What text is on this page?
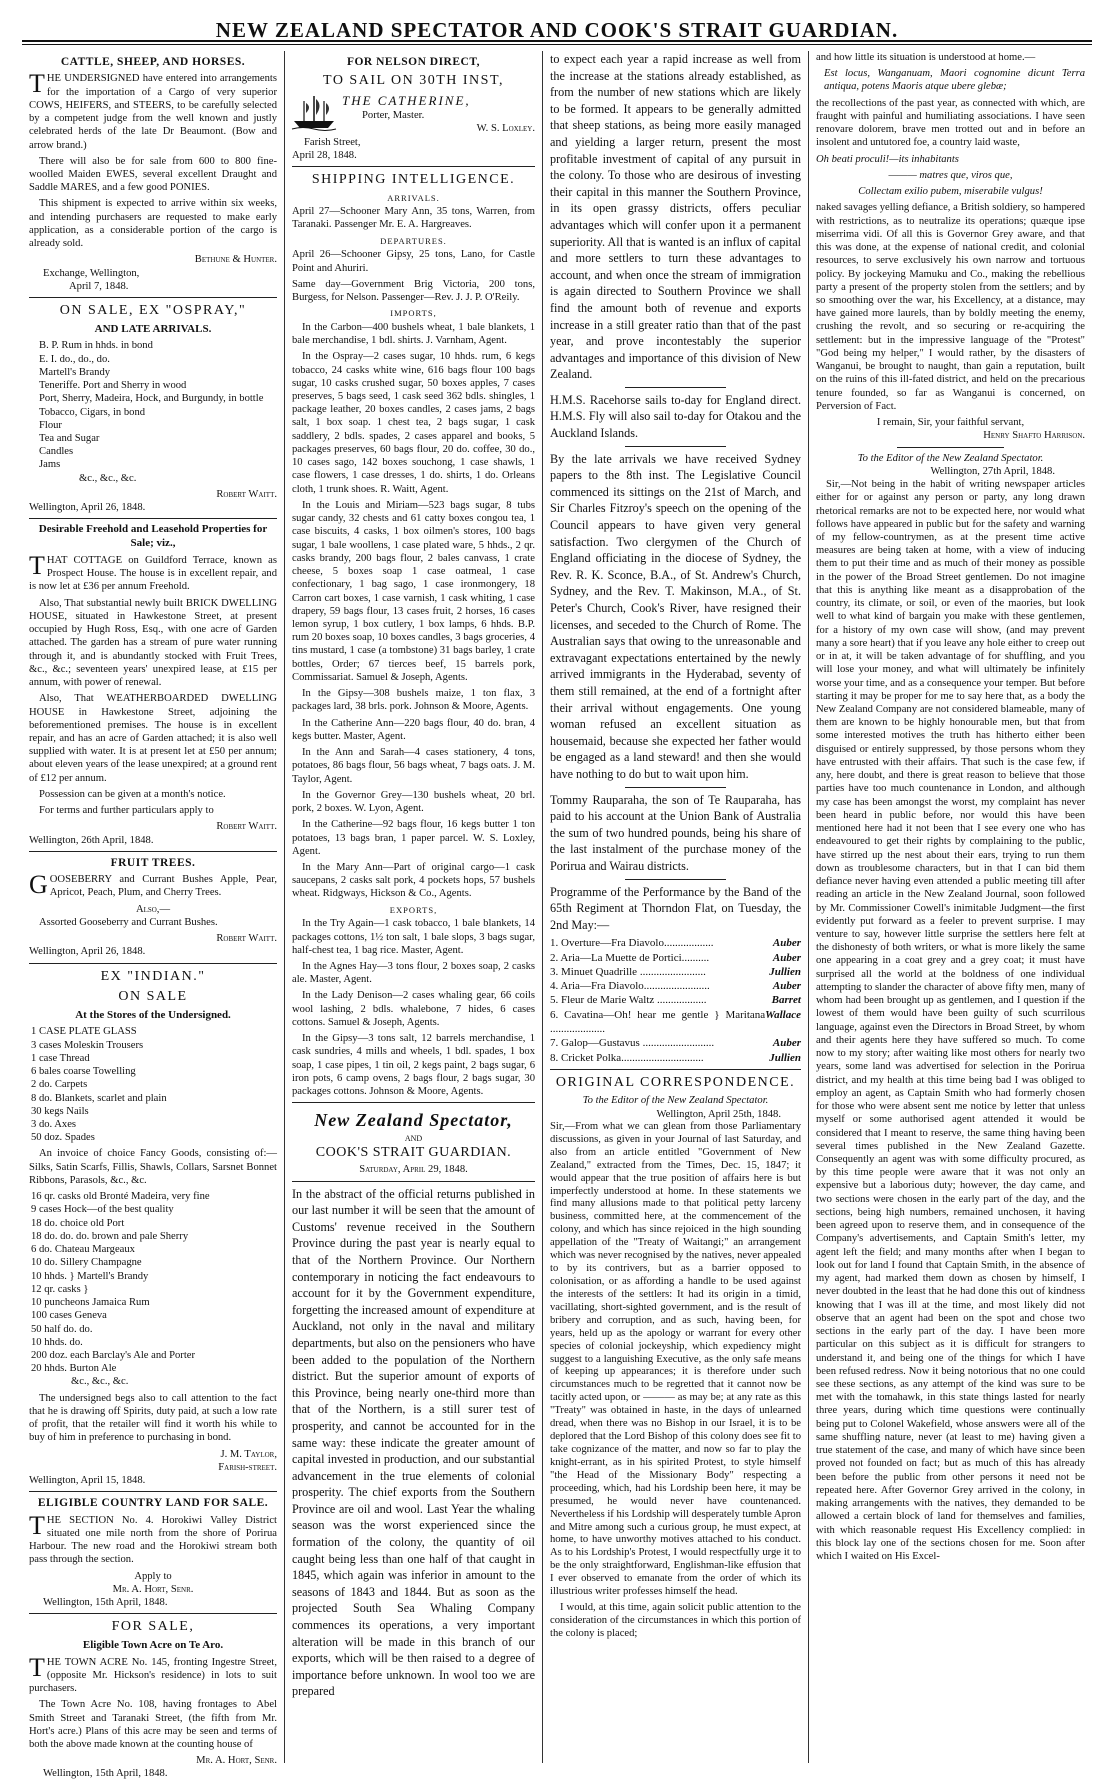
NEW ZEALAND SPECTATOR AND COOK'S STRAIT GUARDIAN.
CATTLE, SHEEP, AND HORSES.

THE UNDERSIGNED have entered into arrangements for the importation of a Cargo of very superior COWS, HEIFERS, and STEERS, to be carefully selected by a competent judge from the well known and justly celebrated herds of the late Dr Beaumont. (Bow and arrow brand.)

There will also be for sale from 600 to 800 fine-woolled Maiden EWES, several excellent Draught and Saddle MARES, and a few good PONIES.

This shipment is expected to arrive within six weeks, and intending purchasers are requested to make early application, as a considerable portion of the cargo is already sold.

Bethune & Hunter.
Exchange, Wellington,
April 7, 1848.
ON SALE, EX "OSPRAY,"
AND LATE ARRIVALS.
B. P. Rum in hhds. in bond
E. I. do., do., do.
Martell's Brandy
Teneriffe. Port and Sherry in wood
Port, Sherry, Madeira, Hock, and Burgundy, in bottle
Tobacco, Cigars, in bond
Flour
Tea and Sugar
Candles
Jams
&c., &c., &c.
Robert Waitt.
Wellington, April 26, 1848.
Desirable Freehold and Leasehold Properties for Sale; viz.,

THAT COTTAGE on Guildford Terrace, known as Prospect House. The house is in excellent repair, and is now let at £36 per annum Freehold.

Also, That substantial newly built BRICK DWELLING HOUSE, situated in Hawkestone Street, at present occupied by Hugh Ross, Esq., with one acre of Garden attached. The garden has a stream of pure water running through it, and is abundantly stocked with Fruit Trees, &c., &c.; seventeen years' unexpired lease, at £15 per annum, with power of renewal.

Also, That WEATHERBOARDED DWELLING HOUSE in Hawkestone Street, adjoining the beforementioned premises. The house is in excellent repair, and has an acre of Garden attached; it is also well supplied with water. It is at present let at £50 per annum; about eleven years of the lease unexpired; at a ground rent of £12 per annum.

Possession can be given at a month's notice.

For terms and further particulars apply to

Robert Waitt.
Wellington, 26th April, 1848.
FRUIT TREES.

GOOSEBERRY and Currant Bushes Apple, Pear, Apricot, Peach, Plum, and Cherry Trees.

Also,—

Assorted Gooseberry and Currant Bushes.

Robert Waitt.
Wellington, April 26, 1848.
EX "INDIAN."
ON SALE
At the Stores of the Undersigned.
1 CASE PLATE GLASS
3 cases Moleskin Trousers
1 case Thread
6 bales coarse Towelling
2 do. Carpets
8 do. Blankets, scarlet and plain
30 kegs Nails
3 do. Axes
50 doz. Spades

An invoice of choice Fancy Goods, consisting of:—Silks, Satin Scarfs, Fillis, Shawls, Collars, Sarsnet Bonnet Ribbons, Parasols, &c., &c.

16 qr. casks old Bronté Madeira, very fine
9 cases Hock—of the best quality
18 do. choice old Port
18 do. do. do. brown and pale Sherry
6 do. Chateau Margeaux
10 do. Sillery Champagne
10 hhds. } Martell's Brandy
12 qr. casks }
10 puncheons Jamaica Rum
100 cases Geneva
50 half do. do.
10 hhds. do.
200 doz. each Barclay's Ale and Porter
20 hhds. Burton Ale
&c., &c., &c.

The undersigned begs also to call attention to the fact that he is drawing off Spirits, duty paid, at such a low rate of profit, that the retailer will find it worth his while to buy of him in preference to purchasing in bond.

J. M. Taylor,
Farish-street.
Wellington, April 15, 1848.
ELIGIBLE COUNTRY LAND FOR SALE.

THE SECTION No. 4. Horokiwi Valley District situated one mile north from the shore of Porirua Harbour. The new road and the Horokiwi stream both pass through the section.

Apply to
Mr. A. Hort, Senr.
Wellington, 15th April, 1848.
FOR SALE,
Eligible Town Acre on Te Aro.

THE TOWN ACRE No. 145, fronting Ingestre Street, (opposite Mr. Hickson's residence) in lots to suit purchasers.

The Town Acre No. 108, having frontages to Abel Smith Street and Taranaki Street, (the fifth from Mr. Hort's acre.) Plans of this acre may be seen and terms of both the above made known at the counting house of

Mr. A. Hort, Senr.
Wellington, 15th April, 1848.
FOR NELSON DIRECT,
TO SAIL ON 30TH INST,
THE CATHERINE,
Porter, Master.
W. S. Loxley.
Farish Street,
April 28, 1848.
SHIPPING INTELLIGENCE.
ARRIVALS.

April 27—Schooner Mary Ann, 35 tons, Warren, from Taranaki. Passenger Mr. E. A. Hargreaves.

DEPARTURES.

April 26—Schooner Gipsy, 25 tons, Lano, for Castle Point and Ahuriri.

Same day—Government Brig Victoria, 200 tons, Burgess, for Nelson. Passenger—Rev. J. J. P. O'Reily.

IMPORTS,

In the Carbon—400 bushels wheat, 1 bale blankets, 1 bale merchandise, 1 bdl. shirts. J. Varnham, Agent.

In the Ospray—2 cases sugar, 10 hhds. rum, 6 kegs tobacco, 24 casks white wine, 616 bags flour 100 bags sugar, 10 casks crushed sugar, 50 boxes apples, 7 cases preserves, 5 bags seed, 1 cask seed 362 bdls. shingles, 1 package leather, 20 boxes candles, 2 cases jams, 2 bags salt, 1 box soap. 1 chest tea, 2 bags sugar, 1 cask saddlery, 2 bdls. spades, 2 cases apparel and books, 5 packages preserves, 60 bags flour, 20 do. coffee, 30 do., 10 cases sago, 142 boxes souchong, 1 case shawls, 1 case flowers, 1 case dresses, 1 do. shirts, 1 do. Orleans cloth, 1 trunk shoes. R. Waitt, Agent.

In the Louis and Miriam—523 bags sugar, 8 tubs sugar candy, 32 chests and 61 catty boxes congou tea, 1 case biscuits, 4 casks, 1 box oilmen's stores, 100 bags sugar, 1 bale woollens, 1 case plated ware, 5 hhds., 2 qr. casks brandy, 200 bags flour, 2 bales canvass, 1 crate cheese, 5 boxes soap 1 case oatmeal, 1 case confectionary, 1 bag sago, 1 case ironmongery, 18 Carron cart boxes, 1 case varnish, 1 cask whiting, 1 case drapery, 59 bags flour, 13 cases fruit, 2 horses, 16 cases lemon syrup, 1 box cutlery, 1 box lamps, 6 hhds. B.P. rum 20 boxes soap, 10 boxes candles, 3 bags groceries, 4 tins mustard, 1 case (a tombstone) 31 bags barley, 1 crate bottles, Order; 67 tierces beef, 15 barrels pork, Commissariat. Samuel & Joseph, Agents.

In the Gipsy—308 bushels maize, 1 ton flax, 3 packages lard, 38 brls. pork. Johnson & Moore, Agents.

In the Catherine Ann—220 bags flour, 40 do. bran, 4 kegs butter. Master, Agent.

In the Ann and Sarah—4 cases stationery, 4 tons, potatoes, 86 bags flour, 56 bags wheat, 7 bags oats. J. M. Taylor, Agent.

In the Governor Grey—130 bushels wheat, 20 brl. pork, 2 boxes. W. Lyon, Agent.

In the Catherine—92 bags flour, 16 kegs butter 1 ton potatoes, 13 bags bran, 1 paper parcel. W. S. Loxley, Agent.

In the Mary Ann—Part of original cargo—1 cask saucepans, 2 casks salt pork, 4 pockets hops, 57 bushels wheat. Ridgways, Hickson & Co., Agents.

EXPORTS,

In the Try Again—1 cask tobacco, 1 bale blankets, 14 packages cottons, 1½ ton salt, 1 bale slops, 3 bags sugar, half-chest tea, 1 bag rice. Master, Agent.

In the Agnes Hay—3 tons flour, 2 boxes soap, 2 casks ale. Master, Agent.

In the Lady Denison—2 cases whaling gear, 66 coils wool lashing, 2 bdls. whalebone, 7 hides, 6 cases cottons. Samuel & Joseph, Agents.

In the Gipsy—3 tons salt, 12 barrels merchandise, 1 cask sundries, 4 mills and wheels, 1 bdl. spades, 1 box soap, 1 case pipes, 1 tin oil, 2 kegs paint, 2 bags sugar, 6 iron pots, 6 camp ovens, 2 bags flour, 2 bags sugar, 30 packages cottons. Johnson & Moore, Agents.

New Zealand Spectator,
AND
COOK'S STRAIT GUARDIAN.
Saturday, April 29, 1848.

In the abstract of the official returns published in our last number it will be seen that the amount of Customs' revenue received in the Southern Province during the past year is nearly equal to that of the Northern Province. Our Northern contemporary in noticing the fact endeavours to account for it by the Government expenditure, forgetting the increased amount of expenditure at Auckland, not only in the naval and military departments, but also on the pensioners who have been added to the population of the Northern district. But the superior amount of exports of this Province, being nearly one-third more than that of the Northern, is a still surer test of prosperity, and cannot be accounted for in the same way: these indicate the greater amount of capital invested in production, and our substantial advancement in the true elements of colonial prosperity. The chief exports from the Southern Province are oil and wool. Last Year the whaling season was the worst experienced since the formation of the colony, the quantity of oil caught being less than one half of that caught in 1845, which again was inferior in amount to the seasons of 1843 and 1844. But as soon as the projected South Sea Whaling Company commences its operations, a very important alteration will be made in this branch of our exports, which will be then raised to a degree of importance before unknown. In wool too we are prepared

to expect each year a rapid increase as well from the increase at the stations already established, as from the number of new stations which are likely to be formed. It appears to be generally admitted that sheep stations, as being more easily managed and yielding a larger return, present the most profitable investment of capital of any pursuit in the colony. To those who are desirous of investing their capital in this manner the Southern Province, in its open grassy districts, offers peculiar advantages which will confer upon it a permanent superiority. All that is wanted is an influx of capital and more settlers to turn these advantages to account, and when once the stream of immigration is again directed to Southern Province we shall find the amount both of revenue and exports increase in a still greater ratio than that of the past year, and prove incontestably the superior advantages and importance of this division of New Zealand.

H.M.S. Racehorse sails to-day for England direct. H.M.S. Fly will also sail to-day for Otakou and the Auckland Islands.

By the late arrivals we have received Sydney papers to the 8th inst. The Legislative Council commenced its sittings on the 21st of March, and Sir Charles Fitzroy's speech on the opening of the Council appears to have given very general satisfaction. Two clergymen of the Church of England officiating in the diocese of Sydney, the Rev. R. K. Sconce, B.A., of St. Andrew's Church, Sydney, and the Rev. T. Makinson, M.A., of St. Peter's Church, Cook's River, have resigned their licenses, and seceded to the Church of Rome. The Australian says that owing to the unreasonable and extravagant expectations entertained by the newly arrived immigrants in the Hyderabad, seventy of them still remained, at the end of a fortnight after their arrival without engagements. One young woman refused an excellent situation as housemaid, because she expected her father would be engaged as a land steward! and then she would have nothing to do but to wait upon him.

Tommy Rauparaha, the son of Te Rauparaha, has paid to his account at the Union Bank of Australia the sum of two hundred pounds, being his share of the last instalment of the purchase money of the Porirua and Wairau districts.

Programme of the Performance by the Band of the 65th Regiment at Thorndon Flat, on Tuesday, the 2nd May:—

1. Overture—Fra Diavolo..................	Auber
2. Aria—La Muette de Portici..........	Auber
3. Minuet Quadrille ........................	Jullien
4. Aria—Fra Diavolo........................	Auber
5. Fleur de Marie Waltz ..................	Barret
6. Cavatina—Oh! hear me gentle } Maritana ....................
Wallace
7. Galop—Gustavus ..........................	Auber
8. Cricket Polka..............................	Jullien
ORIGINAL CORRESPONDENCE.
To the Editor of the New Zealand Spectator.
Wellington, April 25th, 1848.

Sir,—From what we can glean from those Parliamentary discussions, as given in your Journal of last Saturday, and also from an article entitled "Government of New Zealand," extracted from the Times, Dec. 15, 1847; it would appear that the true position of affairs here is but imperfectly understood at home. In these statements we find many allusions made to that political petty larceny business, committed here, at the commencement of the colony, and which has since rejoiced in the high sounding appellation of the "Treaty of Waitangi;" an arrangement which was never recognised by the natives, never appealed to by its contrivers, but as a barrier opposed to colonisation, or as affording a handle to be used against the interests of the settlers: It had its origin in a timid, vacillating, short-sighted government, and is the result of bribery and corruption, and as such, having been, for years, held up as the apology or warrant for every other species of colonial jockeyship, which expediency might suggest to a languishing Executive, as the only safe means of keeping up appearances; it is therefore under such circumstances much to be regretted that it cannot now be tacitly acted upon, or ——— as may be; at any rate as this "Treaty" was obtained in haste, in the days of unlearned dread, when there was no Bishop in our Israel, it is to be deplored that the Lord Bishop of this colony does see fit to take cognizance of the matter, and now so far to play the knight-errant, as in his spirited Protest, to style himself "the Head of the Missionary Body" respecting a proceeding, which, had his Lordship been here, it may be presumed, he would never have countenanced. Nevertheless if his Lordship will desperately tumble Apron and Mitre among such a curious group, he must expect, at home, to have unworthy motives attached to his conduct. As to his Lordship's Protest, I would respectfully urge it to be the only straightforward, Englishman-like effusion that I ever observed to emanate from the order of which its illustrious writer professes himself the head.

I would, at this time, again solicit public attention to the consideration of the circumstances in which this portion of the colony is placed;

and how little its situation is understood at home.—

Est locus, Wanganuam, Maori cognomine dicunt Terra antiqua, potens Maoris atque ubere glebæ;

the recollections of the past year, as connected with which, are fraught with painful and humiliating associations. I have seen renovare dolorem, brave men trotted out and in before an insolent and untutored foe, a country laid waste,

Oh beati proculi!—its inhabitants

——— matres que, viros que,

Collectam exilio pubem, miserabile vulgus!

naked savages yelling defiance, a British soldiery, so hampered with restrictions, as to neutralize its operations; quæque ipse miserrima vidi. Of all this is Governor Grey aware, and that this was done, at the expense of national credit, and colonial resources, to serve exclusively his own narrow and tortuous policy. By jockeying Mamuku and Co., making the rebellious party a present of the property stolen from the settlers; and by so smoothing over the war, his Excellency, at a distance, may have gained more laurels, than by boldly meeting the enemy, crushing the revolt, and so securing or re-acquiring the settlement: but in the impressive language of the "Protest" "God being my helper," I would rather, by the disasters of Wanganui, be brought to naught, than gain a reputation, built on the ruins of this ill-fated district, and held on the precarious tenure founded, so far as Wanganui is concerned, on Perversion of Fact.

I remain, Sir, your faithful servant,
Henry Shafto Harrison.
To the Editor of the New Zealand Spectator.
Wellington, 27th April, 1848.

Sir,—Not being in the habit of writing newspaper articles either for or against any person or party, any long drawn rhetorical remarks are not to be expected here, nor would what follows have appeared in public but for the safety and warning of my fellow-countrymen, as at the present time active measures are being taken at home, with a view of inducing them to put their time and as much of their money as possible in the power of the Broad Street gentlemen. Do not imagine that this is anything like meant as a disapprobation of the country, its climate, or soil, or even of the maories, but look well to what kind of bargain you make with these gentlemen, for a history of my own case will show, (and may prevent many a sore heart) that if you leave any hole either to creep out or in at, it will be taken advantage of for shuffling, and you will lose your money, and what will ultimately be infinitely worse your time, and as a consequence your temper. But before starting it may be proper for me to say here that, as a body the New Zealand Company are not considered blameable, many of them are known to be highly honourable men, but that from some interested motives the truth has hitherto either been disguised or entirely suppressed, by those persons whom they have entrusted with their affairs. That such is the case few, if any, here doubt, and there is great reason to believe that those parties have too much countenance in London, and although my case has been amongst the worst, my complaint has never been heard in public before, nor would this have been mentioned here had it not been that I see every one who has endeavoured to get their rights by complaining to the public, have stirred up the nest about their ears, trying to run them down as troublesome characters, but in that I can bid them defiance never having even attended a public meeting till after reading an article in the New Zealand Journal, soon followed by Mr. Commissioner Cowell's inimitable Judgment—the first evidently put forward as a feeler to prevent surprise. I may venture to say, however little surprise the settlers here felt at the dishonesty of both writers, or what is more likely the same one appearing in a coat grey and a grey coat; it must have surprised all the world at the boldness of one individual attempting to slander the character of above fifty men, many of whom had been brought up as gentlemen, and I question if the lowest of them would have been guilty of such scurrilous language, against even the Directors in Broad Street, by whom and their agents here they have suffered so much. To come now to my story; after waiting like most others for nearly two years, some land was advertised for selection in the Porirua district, and my health at this time being bad I was obliged to employ an agent, as Captain Smith who had formerly chosen for those who were absent sent me notice by letter that unless myself or some authorised agent attended it would be considered that I meant to reserve, the same thing having been several times published in the New Zealand Gazette. Consequently an agent was with some difficulty procured, as by this time people were aware that it was not only an expensive but a laborious duty; however, the day came, and two sections were chosen in the early part of the day, and the sections, being high numbers, remained unchosen, it having been agreed upon to reserve them, and in consequence of the Company's advertisements, and Captain Smith's letter, my agent left the field; and many months after when I began to look out for land I found that Captain Smith, in the absence of my agent, had marked them down as chosen by himself, I never doubted in the least that he had done this out of kindness knowing that I was ill at the time, and most likely did not observe that an agent had been on the spot and chose two sections in the early part of the day. I have been more particular on this subject as it is difficult for strangers to understand it, and being one of the things for which I have been refused redress. Now it being notorious that no one could see these sections, as any attempt of the kind was sure to be met with the tomahawk, in this state things lasted for nearly three years, during which time questions were continually being put to Colonel Wakefield, whose answers were all of the same shuffling nature, never (at least to me) having given a true statement of the case, and many of which have since been proved not founded on fact; but as much of this has already been before the public from other persons it need not be repeated here. After Governor Grey arrived in the colony, in making arrangements with the natives, they demanded to be allowed a certain block of land for themselves and families, with which reasonable request His Excellency complied: in this block lay one of the sections chosen for me. Soon after which I waited on His Excel-
